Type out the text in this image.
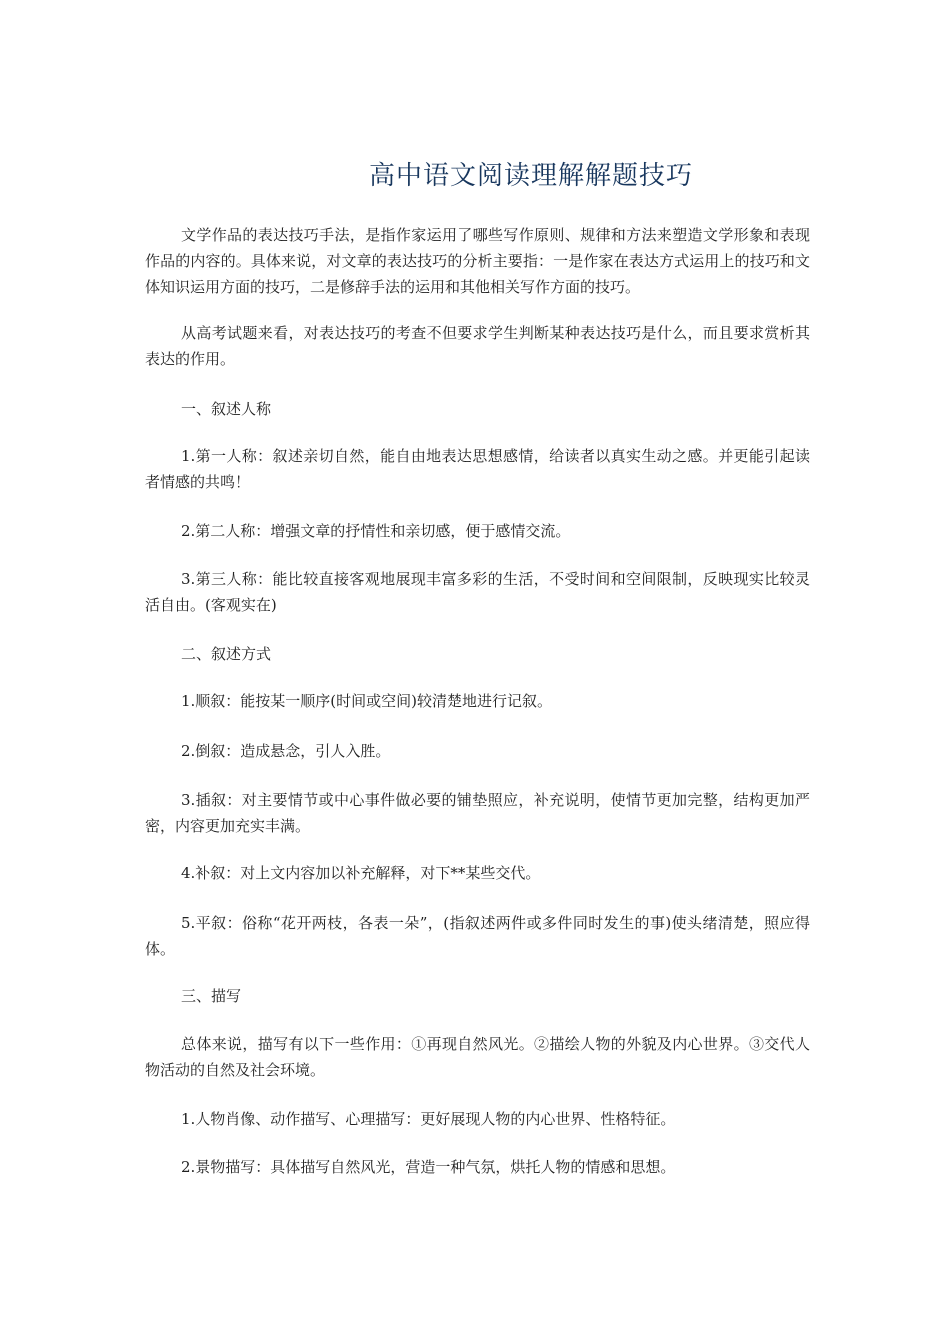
高中语文阅读理解解题技巧

文学作品的表达技巧手法，是指作家运用了哪些写作原则、规律和方法来塑造文学形象和表现作品的内容的。具体来说，对文章的表达技巧的分析主要指：一是作家在表达方式运用上的技巧和文体知识运用方面的技巧，二是修辞手法的运用和其他相关写作方面的技巧。

从高考试题来看，对表达技巧的考查不但要求学生判断某种表达技巧是什么，而且要求赏析其表达的作用。

一、叙述人称

1.第一人称：叙述亲切自然，能自由地表达思想感情，给读者以真实生动之感。并更能引起读者情感的共鸣！

2.第二人称：增强文章的抒情性和亲切感，便于感情交流。

3.第三人称：能比较直接客观地展现丰富多彩的生活，不受时间和空间限制，反映现实比较灵活自由。(客观实在)

二、叙述方式

1.顺叙：能按某一顺序(时间或空间)较清楚地进行记叙。

2.倒叙：造成悬念，引人入胜。

3.插叙：对主要情节或中心事件做必要的铺垫照应，补充说明，使情节更加完整，结构更加严密，内容更加充实丰满。

4.补叙：对上文内容加以补充解释，对下**某些交代。

5.平叙：俗称“花开两枝，各表一朵”，(指叙述两件或多件同时发生的事)使头绪清楚，照应得体。

三、描写

总体来说，描写有以下一些作用：①再现自然风光。②描绘人物的外貌及内心世界。③交代人物活动的自然及社会环境。

1.人物肖像、动作描写、心理描写：更好展现人物的内心世界、性格特征。

2.景物描写：具体描写自然风光，营造一种气氛，烘托人物的情感和思想。
